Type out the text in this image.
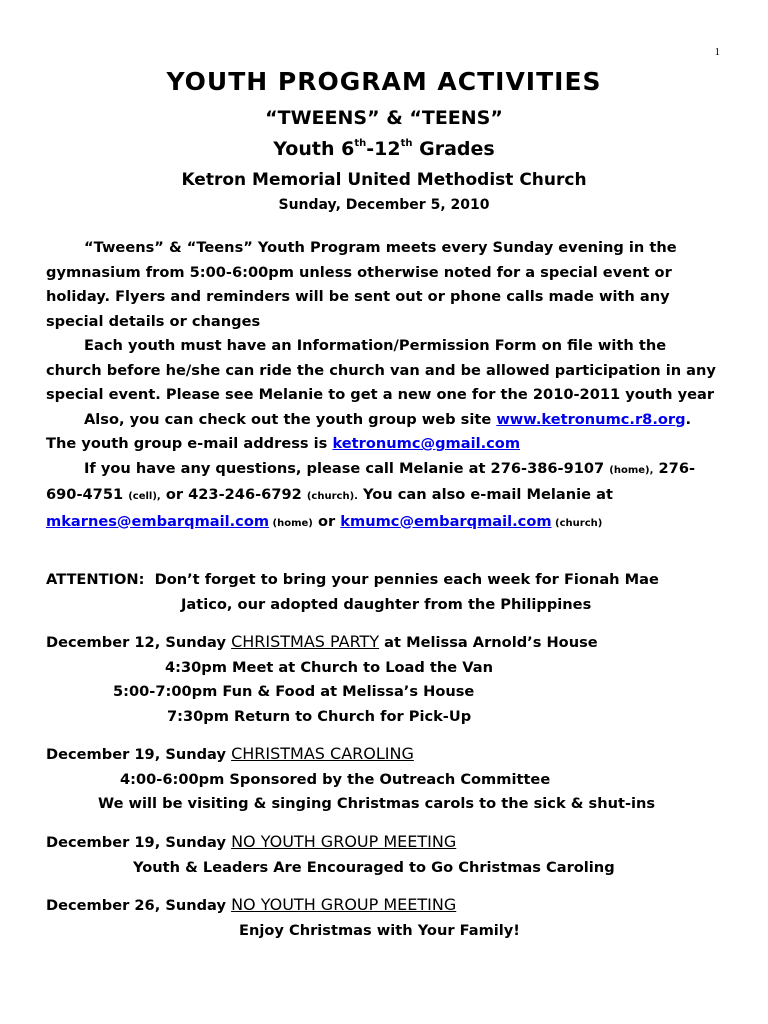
1
YOUTH PROGRAM ACTIVITIES
“TWEENS” & “TEENS”
Youth 6th-12th Grades
Ketron Memorial United Methodist Church
Sunday, December 5, 2010

“Tweens” & “Teens” Youth Program meets every Sunday evening in the gymnasium from 5:00-6:00pm unless otherwise noted for a special event or holiday. Flyers and reminders will be sent out or phone calls made with any special details or changes

Each youth must have an Information/Permission Form on file with the church before he/she can ride the church van and be allowed participation in any special event. Please see Melanie to get a new one for the 2010-2011 youth year

Also, you can check out the youth group web site www.ketronumc.r8.org. The youth group e-mail address is ketronumc@gmail.com

If you have any questions, please call Melanie at 276-386-9107 (home), 276-690-4751 (cell), or 423-246-6792 (church). You can also e-mail Melanie at mkarnes@embarqmail.com (home) or kmumc@embarqmail.com (church)

ATTENTION: Don’t forget to bring your pennies each week for Fionah Mae
Jatico, our adopted daughter from the Philippines
December 12, Sunday CHRISTMAS PARTY at Melissa Arnold’s House
4:30pm Meet at Church to Load the Van
5:00-7:00pm Fun & Food at Melissa’s House
7:30pm Return to Church for Pick-Up
December 19, Sunday CHRISTMAS CAROLING
4:00-6:00pm Sponsored by the Outreach Committee
We will be visiting & singing Christmas carols to the sick & shut-ins
December 19, Sunday NO YOUTH GROUP MEETING
Youth & Leaders Are Encouraged to Go Christmas Caroling
December 26, Sunday NO YOUTH GROUP MEETING
Enjoy Christmas with Your Family!
